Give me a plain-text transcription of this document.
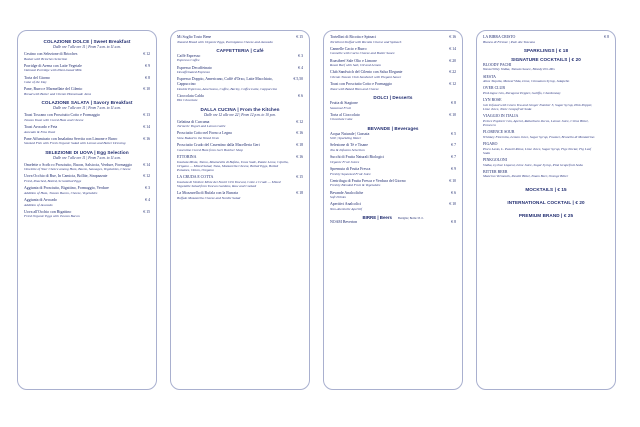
COLAZIONE DOLCE | Sweet Breakfast
Dalle ore 7 alle ore 11 | From 7 a.m. to 11 a.m.
Cestino con Selezione di Brioches
Basket with Brioches Selection
€ 12
Porridge di Avena con Latte Vegetale
Oatmeal Porridge with Plant-based Milk
€ 9
Torta del Giorno
Cake of the Day
€ 8
Pane, Burro e Marmellate del Cilento
Bread with Butter and Cilento Homemade Jams
€ 10
COLAZIONE SALATA | Savory Breakfast
Dalle ore 7 alle ore 11 | From 7 a.m. to 11 a.m.
Toast Toscano con Prosciutto Cotto e Formaggio
Tuscan Toast with Cured Ham and Cheese
€ 13
Toast Avocado e Feta
Avocado & Feta Toast
€ 14
Pane Affumicato con Insalatina Servita con Limone e Burro
Smoked Fish with Fresh Organic Salad with Lemon and Butter Dressing
€ 16
SELEZIONE DI UOVA | Egg Selection
Dalle ore 7 alle ore 11 | From 7 a.m. to 11 a.m.
Omelette o Scrib ro Prosciutto, Bacon, Salsiccia, Verdure, Formaggio
Omelette of Your Choice among Ham, Bacon, Sausages, Vegetables, Cheese
€ 14
Uova Occhio di Bue, In Camicia, Bollite, Strapazzate
Fried, Poached, Boiled, Scrambled Eggs
€ 12
Aggiunta di Prosciutto, Bigattino, Formaggio, Verdure
Addition of Ham, Tuscan Bacon, Cheese, Vegetables
€ 3
Aggiunta di Avocado
Addition of Avocado
€ 4
Uova all'Occhio con Bigattino
Fried Organic Eggs with Tuscan Bacon
€ 15
Mi Soglio Tosto Bene
Toasted Bread with Organic Eggs, Parmigiano Cheese and Avocado
€ 15
CAFFETTERIA | Café
Caffè Espresso
Espresso Coffee
€ 3
Espresso Decaffeinato
Decaffeinated Espresso
€ 4
Espresso Doppio, Americano, Caffè d'Orzo, Latte Macchiato, Cappuccino
Double Espresso, Americano, Coffee, Barley, Coffee Latte, Cappuccino
€ 5,50
Cioccolata Calda
Hot Chocolate
€ 6
DALLA CUCINA | From the Kitchen
Dalle ore 12 alle ore 22 | From 12 p.m. to 10 p.m.
Gelatina di Curcuma
Turmeric Yogurt and Lemon Gelée
€ 12
Prosciutto Cotto nel Forno a Legna
Slow Baked in the Wood Oven
€ 16
Prosciutto Crudo del Casentino dalla Macelleria Geri
Casentino Cured Ham from Geri Butcher Shop
€ 18
ETTORINA
Insalata Mista, Tonno, Mozzarella di Bufala, Uova Sode, Patate Lesse, Cipolla, Origano — Mixed Salad, Tuna, Mozzarella Cheese, Boiled Eggs, Boiled Potatoes, Onion, Oregano
€ 16
LA CRUDA E COTTA
Insalata di Verdure Miste dei Nostri Orti Toscani, Cotte e Crude — Mixed Vegetable Salad from Tuscan Gardens, Raw and Cooked
€ 15
La Mozzarella di Bufala con la Burrata
Buffalo Mozzarella Cheese and Nordic Salad
€ 18
Tortellini di Ricotta e Spinaci
Tortelloni Stuffed with Ricotta Cheese and Spinach
€ 16
Cannelle Cacio e Burro
Cannelle with Cacio Cheese and Butter Sauce
€ 14
Roastbeef Sale Olio e Limone
Roast Beef with Salt, Oil and Lemon
€ 20
Club Sandwich del Cilento con Salsa Elegante
Cilento Tuscan Club Sandwich with Elegant Sauce
€ 22
Toast con Prosciutto Cotto e Formaggio
Toast with Baked Ham and Cheese
€ 12
DOLCI | Desserts
Frutta di Stagione
Seasonal Fruit
€ 8
Torta al Cioccolato
Chocolate Cake
€ 10
BEVANDE | Beverages
Acqua Naturale | Gassata
Still | Sparkling Water
€ 5
Selezione di Tè e Tisane
Tea & Infusion Selection
€ 7
Succhi di Frutta Naturali Biologici
Organic Fruit Juices
€ 7
Spremuta di Frutta Fresca
Freshly Squeezed Fruit Juice
€ 9
Centrifuga di Frutta Fresca e Verdura del Giorno
Freshly Blended Fruit & Vegetables
€ 10
Bevande Analcoliche
Soft Drinks
€ 6
Aperitivi Analcolici
Non-Alcoholic Aperitif
€ 10
BIRRE | Beers Bottiglia | Bottle 33 cl.
NOAM Beverton	€ 8
LA BIRRA CRISTO
Bianca di Firenze | Pale Ale Toscana
€ 8
SPARKLINGS | € 18
SIGNATURE COCKTAILS | € 20
BLOODY PACHI
Wasserlilley Vodka, Tomato Sauce, Bloody Pre-Mix
SIESTA
Altos Tequila, Mezcal Vida, Lime, Cinnamon Syrup, Jalapeño
OVER CLUB
PinLingue Gin, Paragone Pepper, Galiffo, Chardonnay
LYN ROSE
Gin Infused with Green Tea and Ginger Number 3, Sugar Syrup, Pink Pepper, Lime Juice, Tonic Grapefruit Soda
VIAGGIO IN ITALIA
Prince Explorer Gin, Aperol, Rabarbaro Zucca, Lemon Juice, Citrus Bitter, Prosecco
FLORENCE SOUR
Whiskey Fiorentia, Lemon Juice, Sugar Syrup, Foamer, Brunello di Montalcino
FIGARO
Pisco Lasio, L. Pasetti Rinse, Lime Juice, Sugar Syrup, Figs Nectar, Fig Leaf Soda
PINKGOLONI
Vodka, Lychee Liqueur, Lime Juice, Sugar Syrup, Pink Grapefruit Soda
BITTER BEER
Mancino Vermouth, Pasetti Bitter, Noam Beer, Orange Bitter
MOCKTAILS | € 15
INTERNATIONAL COCKTAIL | € 20
PREMIUM BRAND | € 25
